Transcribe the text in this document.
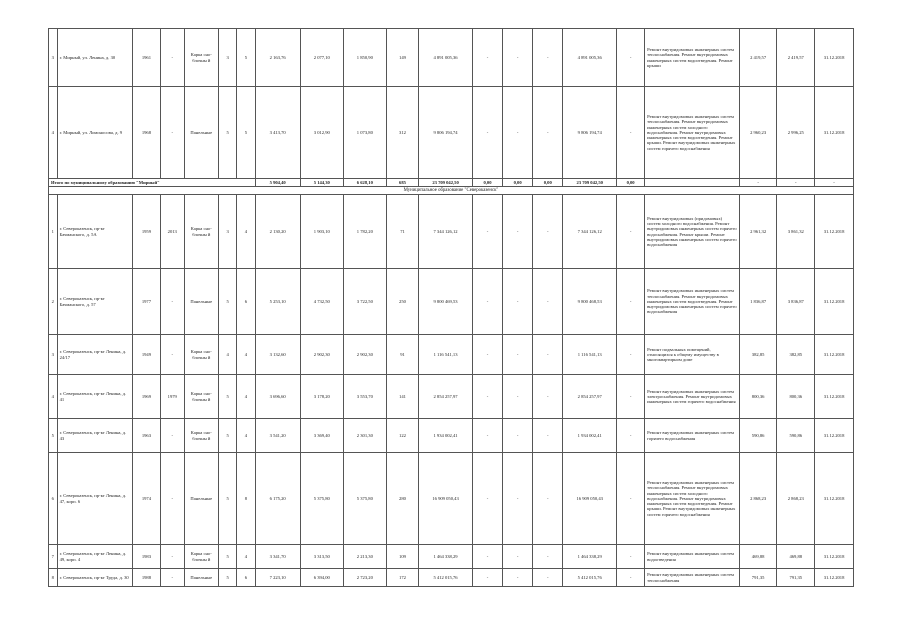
3	г. Мирный, ул. Ленина, д. 30	1961	-	Карка сно-блочны й	3	5	2 163,76	2 077,10	1 850,90	149	4 891 005,36	-	-	-	4 891 005,36	-	Ремонт внутридомовых инженерных систем теплоснабжения. Ремонт внутридомовых инженерных систем водоотведения. Ремонт крыши	2 419,57	2 419,57	31.12.2018
4	г. Мирный, ул. Ломоносова, д. 9	1968	-	Панельные	5	5	3 413,70	3 012,90	1 073,80	312	9 806 194,74	-	-	-	9 806 194,74	-	Ремонт внутридомовых инженерных систем теплоснабжения. Ремонт внутридомовых инженерных систем холодного водоснабжения. Ремонт внутридомовых инженерных систем водоотведения. Ремонт крыши. Ремонт внутридомовых инженерных систем горячего водоснабжения	2 960,23	2 996,25	31.12.2018
Итого по муниципальному образованию "Мирный"							5 904,40	5 144,30	6 628,10	685	23 709 042,50	0,00	0,00	0,00	23 709 042,50	0,00		-	-	-
Муниципальное образование "Североказенск"																				
1	г. Североказенск, пр-кт Бачманского, д. 5А	1959	2013	Карка сно-блочны й	3	4	2 130,20	1 903,10	1 782,20	71	7 344 126,12	-	-	-	7 344 126,12	-	Ремонт внутридомовых (придомовых) систем холодного водоснабжения. Ремонт внутридомовых инженерных систем горячего водоснабжения. Ремонт крыши. Ремонт внутридомовых инженерных систем горячего водоснабжения	2 961,32	3 861,32	31.12.2018
2	г. Североказенск, пр-кт Бачманского, д. 57	1977	-	Панельные	5	6	5 253,10	4 732,50	3 722,50	250	9 800 469,53	-	-	-	9 800 468,53	-	Ремонт внутридомовых инженерных систем теплоснабжения. Ремонт внутридомовых инженерных систем водоотведения. Ремонт внутридомовых инженерных систем горячего водоснабжения	1 836,87	3 836,87	31.12.2018
3	г. Североказенск, пр-кт Ленина, д. 24/17	1949	-	Карка сно-блочны й	4	4	3 132,60	2 902,30	2 902,30	91	1 116 541,13	-	-	-	1 116 541,13	-	Ремонт подвальных помещений, относящихся к общему имуществу в многоквартирном доме	382,85	382,85	31.12.2018
4	г. Североказенск, пр-кт Ленина, д. 41	1969	1979	Карка сно-блочны й	5	4	3 696,60	3 178,20	3 553,70	141	2 854 257,97	-	-	-	2 854 257,97	-	Ремонт внутридомовых инженерных систем электроснабжения. Ремонт внутридомовых инженерных систем горячего водоснабжения	800,36	800,36	31.12.2018
5	г. Североказенск, пр-кт Ленина, д. 43	1963	-	Карка сно-блочны й	5	4	3 541,20	3 369,40	2 301,30	122	1 934 002,41	-	-	-	1 934 002,41	-	Ремонт внутридомовых инженерных систем горячего водоснабжения	590,86	590,86	31.12.2018
6	г. Североказенск, пр-кт Ленина, д. 47, корп. 6	1974	-	Панельные	5	8	6 175,20	5 375,80	5 375,80	280	16 909 050,43	-	-	-	16 909 050,43	-	Ремонт внутридомовых инженерных систем теплоснабжения. Ремонт внутридомовых инженерных систем холодного водоснабжения. Ремонт внутридомовых инженерных систем водоотведения. Ремонт крыши. Ремонт внутридомовых инженерных систем горячего водоснабжения	2 868,23	2 868,23	31.12.2018
7	г. Североказенск, пр-кт Ленина, д. 49, корп. 4	1983	-	Карка сно-блочны й	5	4	3 341,70	3 313,50	2 213,30	109	1 464 338,29	-	-	-	1 464 338,29	-	Ремонт внутридомовых инженерных систем водоотведения	469,88	469,88	31.12.2018
8	г. Североказенск, пр-кт Труда, д. 30	1988	-	Панельные	5	6	7 223,10	6 394,00	2 723,20	172	5 412 015,76	-	-	-	5 412 015,76	-	Ремонт внутридомовых инженерных систем теплоснабжения	791,35	791,35	31.12.2018
